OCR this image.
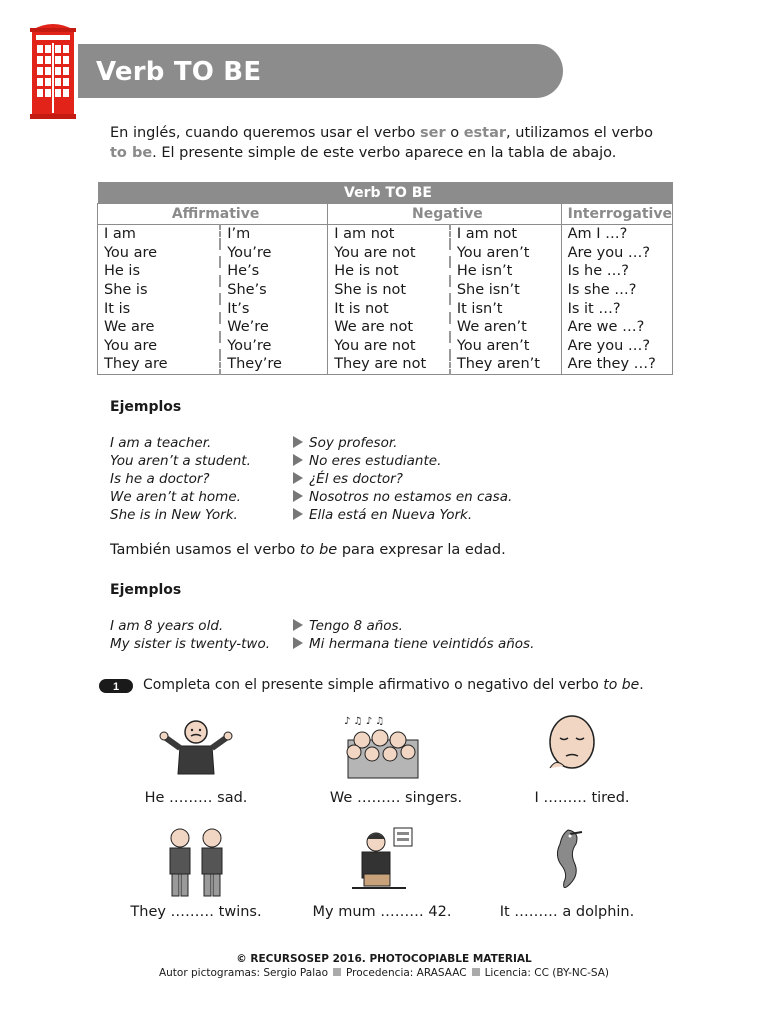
Verb TO BE
En inglés, cuando queremos usar el verbo ser o estar, utilizamos el verbo
to be. El presente simple de este verbo aparece en la tabla de abajo.
Verb TO BE				
Affirmative		Negative		Interrogative
I am	I’m	I am not	I am not	Am I …?
You are	You’re	You are not	You aren’t	Are you …?
He is	He’s	He is not	He isn’t	Is he …?
She is	She’s	She is not	She isn’t	Is she …?
It is	It’s	It is not	It isn’t	Is it …?
We are	We’re	We are not	We aren’t	Are we …?
You are	You’re	You are not	You aren’t	Are you …?
They are	They’re	They are not	They aren’t	Are they …?
Ejemplos
I am a teacher.	Soy profesor.
You aren’t a student.	No eres estudiante.
Is he a doctor?	¿Él es doctor?
We aren’t at home.	Nosotros no estamos en casa.
She is in New York.	Ella está en Nueva York.
También usamos el verbo to be para expresar la edad.
Ejemplos
I am 8 years old.	Tengo 8 años.
My sister is twenty-two.	Mi hermana tiene veintidós años.
1 Completa con el presente simple afirmativo o negativo del verbo to be.
♪ ♫ ♪ ♫
He ……… sad.	We ……… singers.	I ……… tired.
They ……… twins.	My mum ……… 42.	It ……… a dolphin.
© RECURSOSEP 2016. PHOTOCOPIABLE MATERIAL
Autor pictogramas: Sergio Palao Procedencia: ARASAAC Licencia: CC (BY-NC-SA)
